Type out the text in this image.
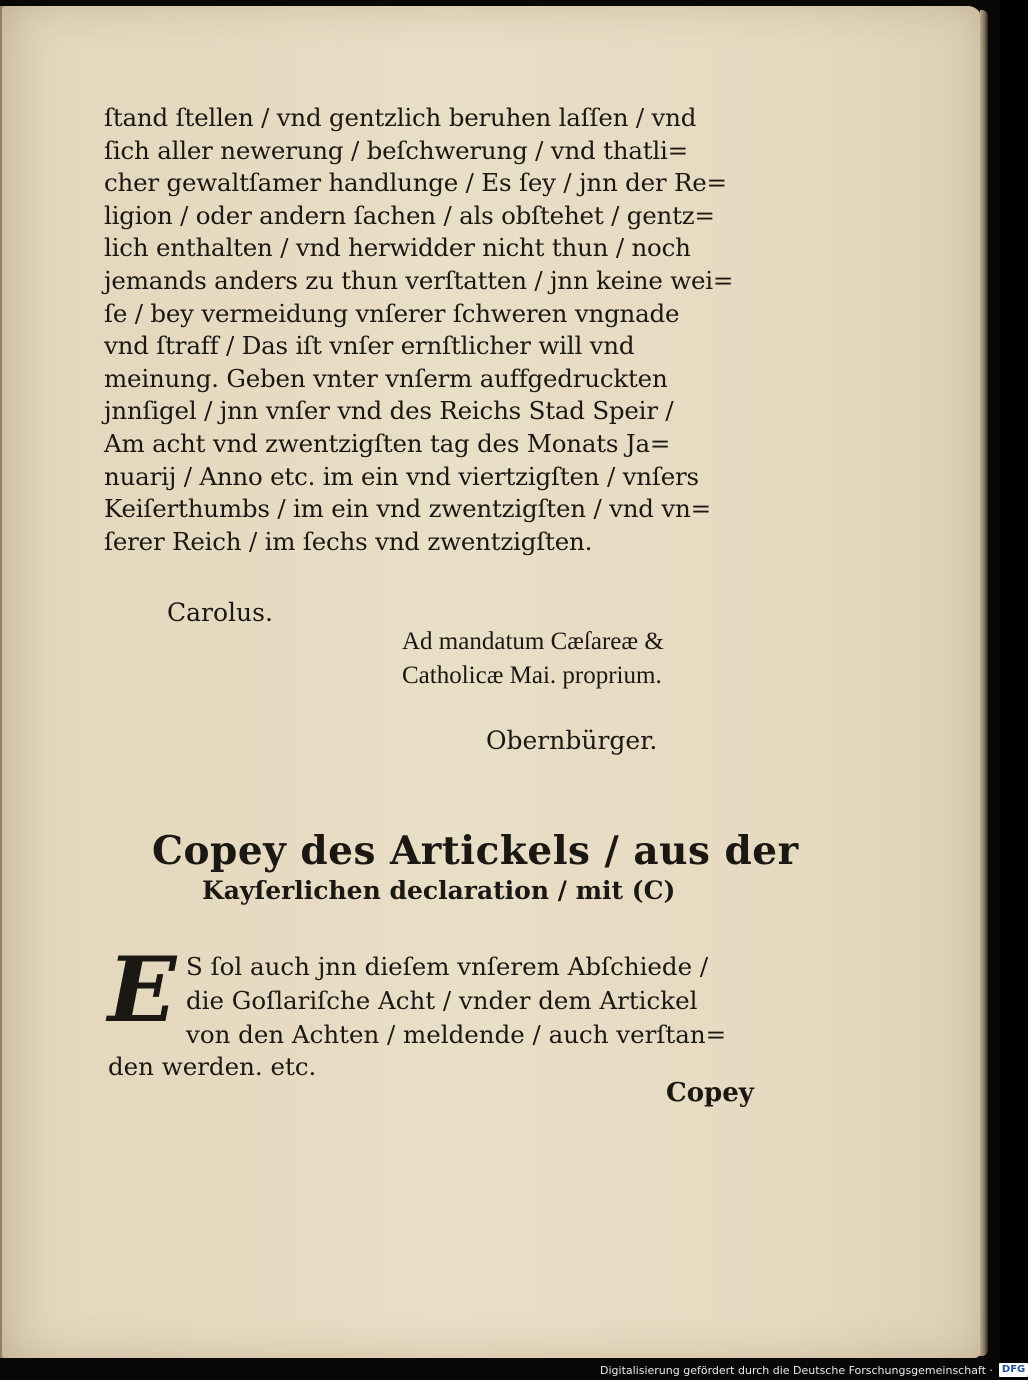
ſtand ſtellen / vnd gentzlich beruhen laſſen / vnd
ſich aller newerung / beſchwerung / vnd thatli=
cher gewaltſamer handlunge / Es ſey / jnn der Re=
ligion / oder andern ſachen / als obſtehet / gentz=
lich enthalten / vnd herwidder nicht thun / noch
jemands anders zu thun verſtatten / jnn keine wei=
ſe / bey vermeidung vnſerer ſchweren vngnade
vnd ſtraff / Das iſt vnſer ernſtlicher will vnd
meinung. Geben vnter vnſerm auffgedruckten
jnnſigel / jnn vnſer vnd des Reichs Stad Speir /
Am acht vnd zwentzigſten tag des Monats Ja=
nuarij / Anno etc. im ein vnd viertzigſten / vnſers
Keiſerthumbs / im ein vnd zwentzigſten / vnd vn=
ſerer Reich / im ſechs vnd zwentzigſten.

Carolus.

Ad mandatum Cæſareæ &

Catholicæ Mai. proprium.

Obernbürger.

Copey des Artickels / aus der
Kayſerlichen declaration / mit (C)
E S ſol auch jnn dieſem vnſerem Abſchiede /
die Goſlariſche Acht / vnder dem Artickel
von den Achten / meldende / auch verſtan=

den werden. etc.

Copey

Digitalisierung gefördert durch die Deutsche Forschungsgemeinschaft · DFG
